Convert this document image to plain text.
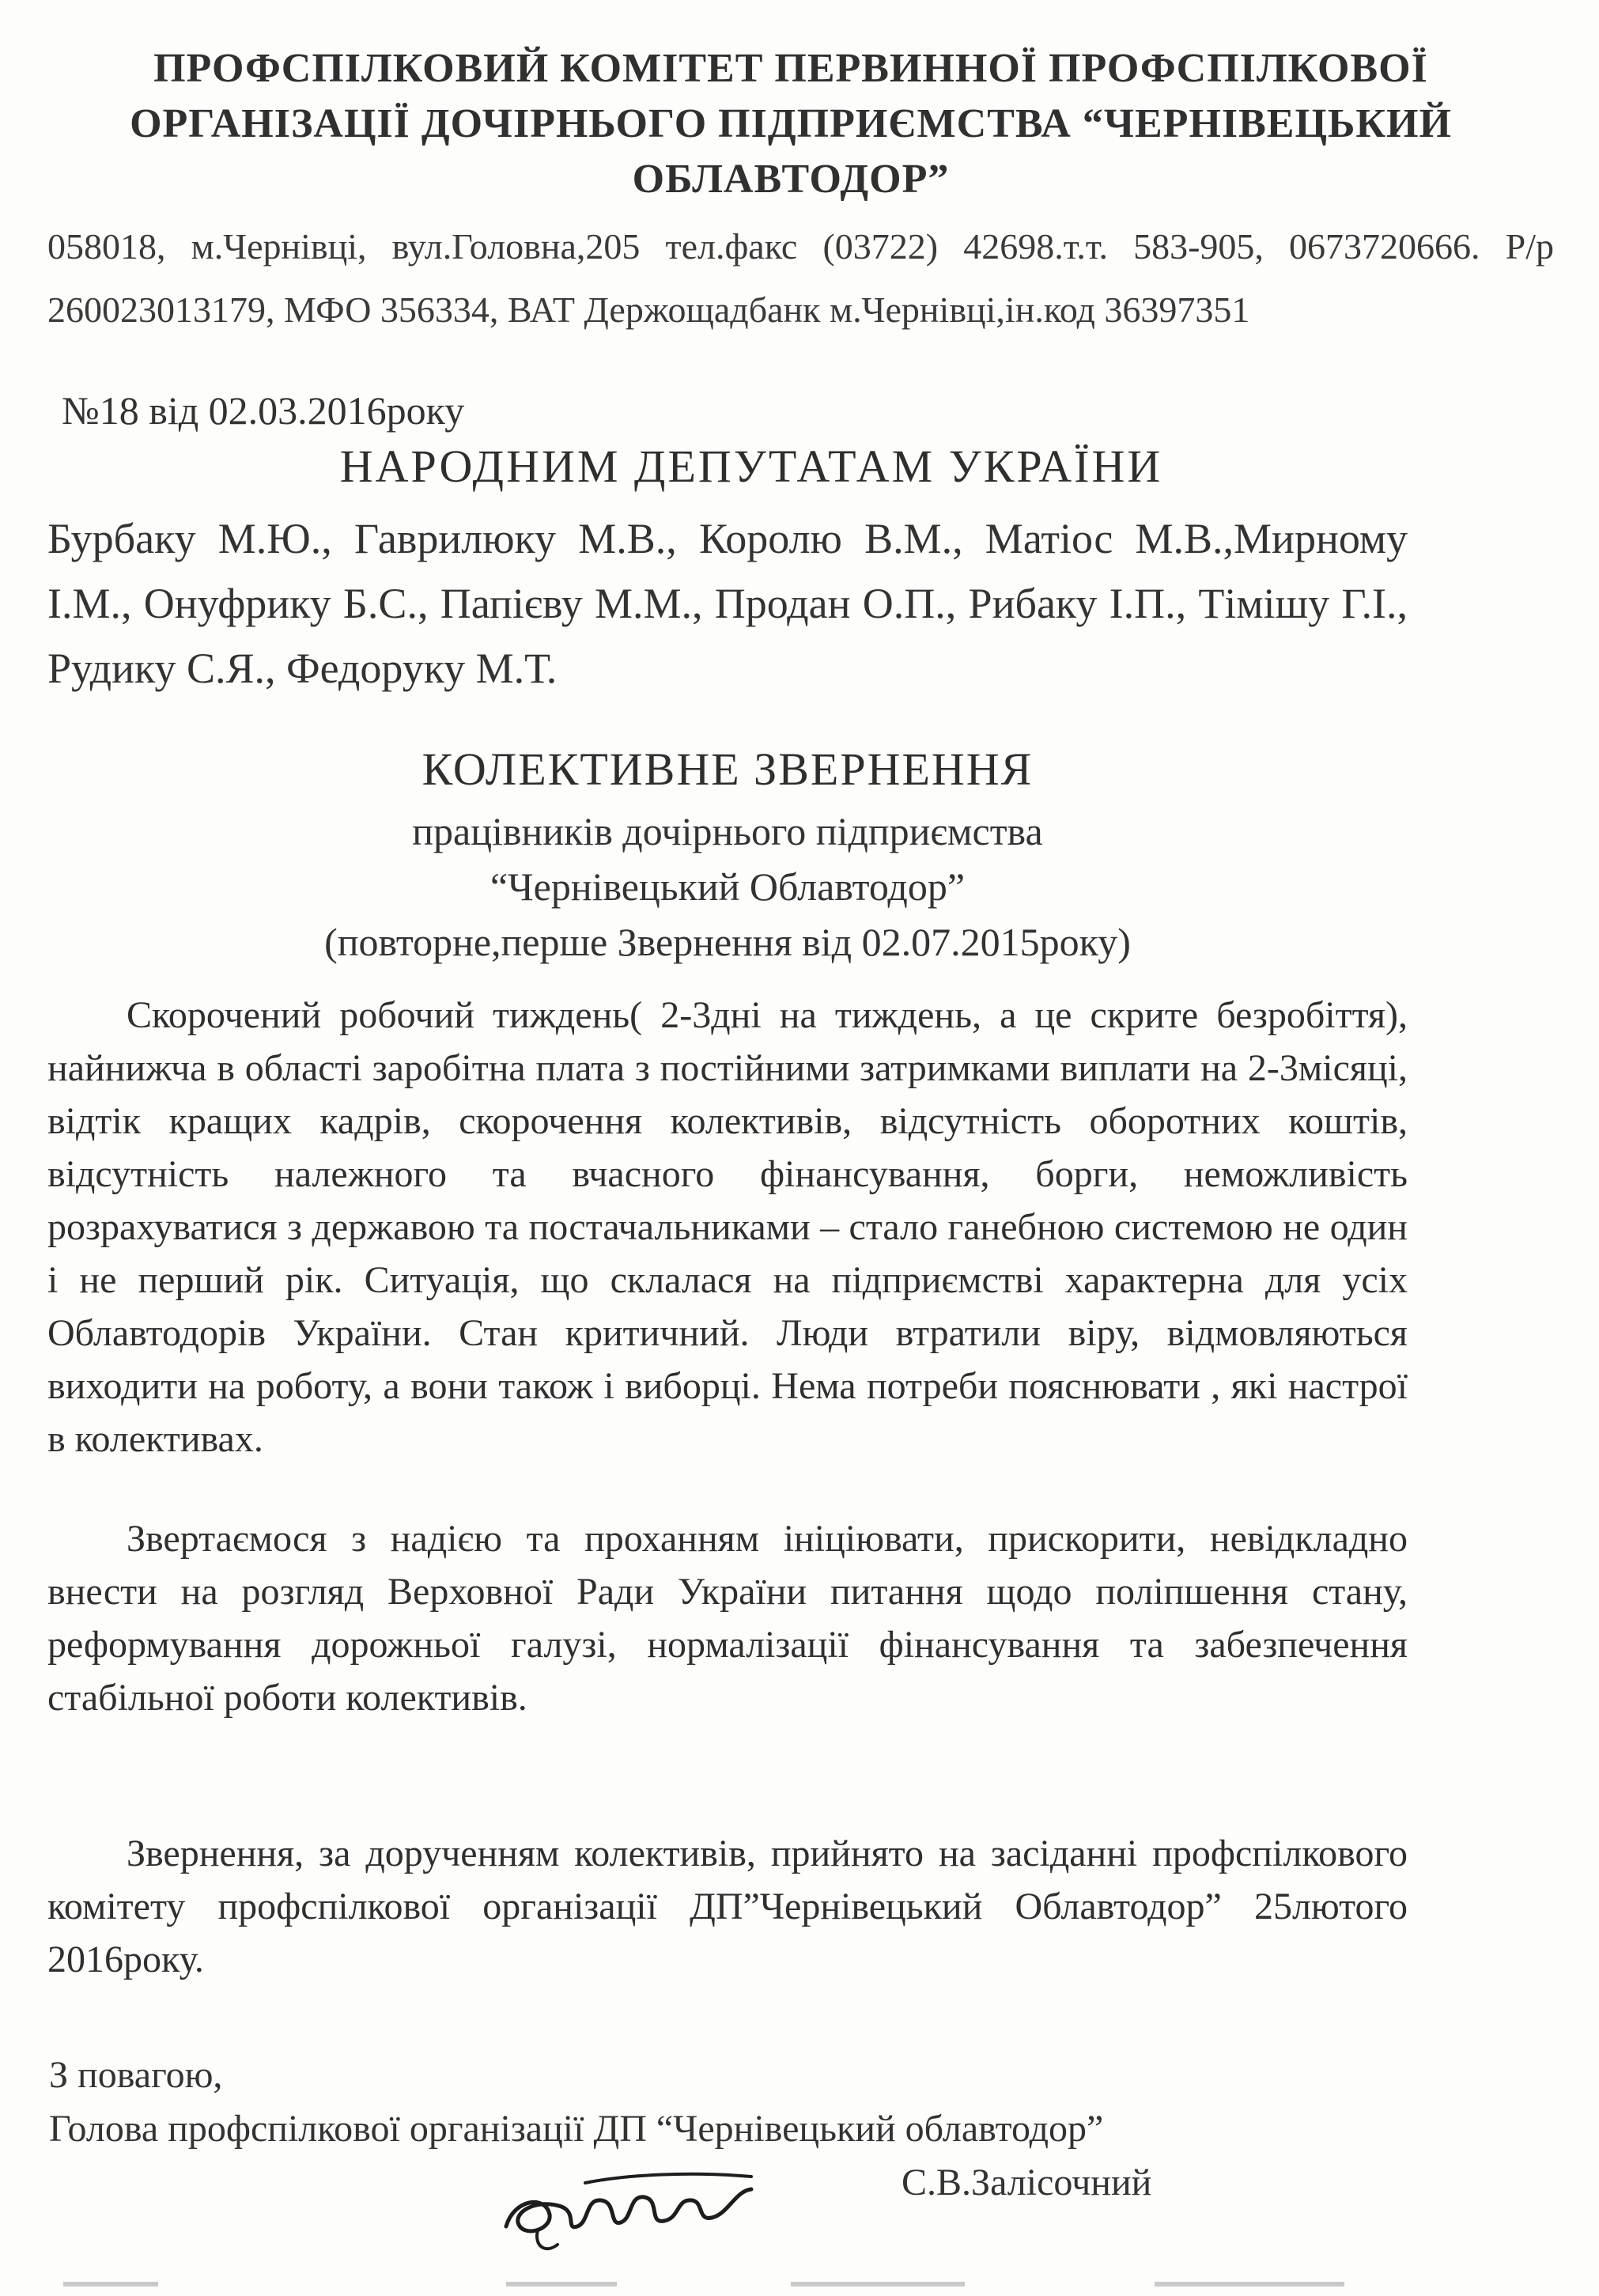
ПРОФСПІЛКОВИЙ КОМІТЕТ ПЕРВИННОЇ ПРОФСПІЛКОВОЇ
ОРГАНІЗАЦІЇ ДОЧІРНЬОГО ПІДПРИЄМСТВА “ЧЕРНІВЕЦЬКИЙ
ОБЛАВТОДОР”
058018, м.Чернівці, вул.Головна,205 тел.факс (03722) 42698.т.т. 583-905, 0673720666. Р/р 260023013179, МФО 356334, ВАТ Держощадбанк м.Чернівці,ін.код 36397351
№18 від 02.03.2016року
НАРОДНИМ ДЕПУТАТАМ УКРАЇНИ
Бурбаку М.Ю., Гаврилюку М.В., Королю В.М., Матіос М.В.,Мирному І.М., Онуфрику Б.С., Папієву М.М., Продан О.П., Рибаку І.П., Тімішу Г.І., Рудику С.Я., Федоруку М.Т.
КОЛЕКТИВНЕ ЗВЕРНЕННЯ
працівників дочірнього підприємства
“Чернівецький Облавтодор”
(повторне,перше Звернення від 02.07.2015року)

Скорочений робочий тиждень( 2-3дні на тиждень, а це скрите безробіття), найнижча в області заробітна плата з постійними затримками виплати на 2-3місяці, відтік кращих кадрів, скорочення колективів, відсутність оборотних коштів, відсутність належного та вчасного фінансування, борги, неможливість розрахуватися з державою та постачальниками – стало ганебною системою не один і не перший рік. Ситуація, що склалася на підприємстві характерна для усіх Облавтодорів України. Стан критичний. Люди втратили віру, відмовляються виходити на роботу, а вони також і виборці. Нема потреби пояснювати , які настрої в колективах.

Звертаємося з надією та проханням ініціювати, прискорити, невідкладно внести на розгляд Верховної Ради України питання щодо поліпшення стану, реформування дорожньої галузі, нормалізації фінансування та забезпечення стабільної роботи колективів.

Звернення, за дорученням колективів, прийнято на засіданні профспілкового комітету профспілкової організації ДП”Чернівецький Облавтодор” 25лютого 2016року.

З повагою,
Голова профспілкової організації ДП “Чернівецький облавтодор”
С.В.Залісочний
